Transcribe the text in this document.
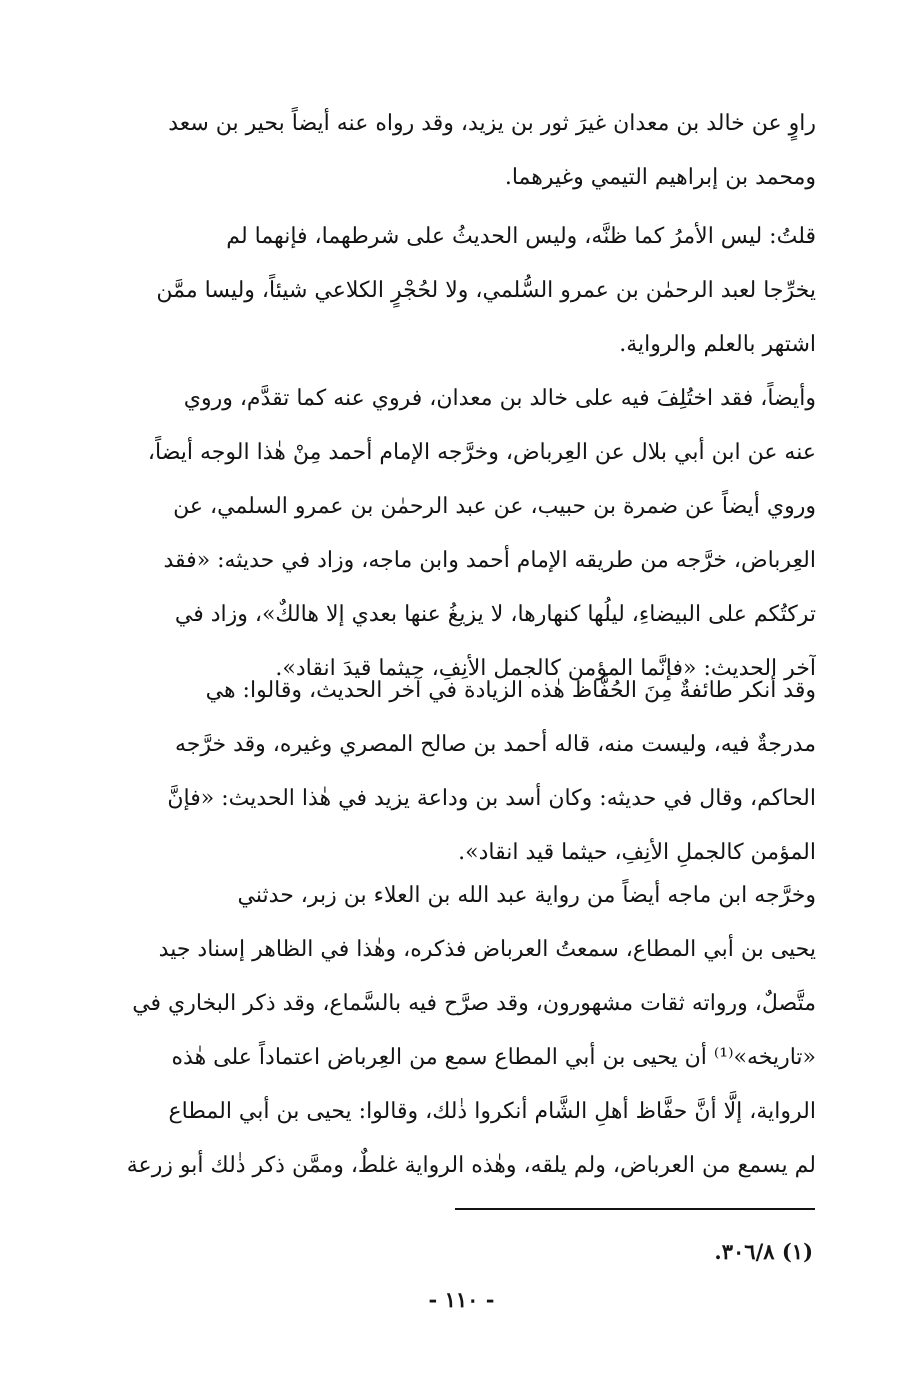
راوٍ عن خالد بن معدان غيرَ ثور بن يزيد، وقد رواه عنه أيضاً بحير بن سعد
ومحمد بن إبراهيم التيمي وغيرهما.
قلتُ: ليس الأمرُ كما ظنَّه، وليس الحديثُ على شرطهما، فإنهما لم
يخرِّجا لعبد الرحمٰن بن عمرو السُّلمي، ولا لحُجْرٍ الكلاعي شيئاً، وليسا ممَّن
اشتهر بالعلم والرواية.
وأيضاً، فقد اختُلِفَ فيه على خالد بن معدان، فروي عنه كما تقدَّم، وروي
عنه عن ابن أبي بلال عن العِرباض، وخرَّجه الإمام أحمد مِنْ هٰذا الوجه أيضاً،
وروي أيضاً عن ضمرة بن حبيب، عن عبد الرحمٰن بن عمرو السلمي، عن
العِرباض، خرَّجه من طريقه الإمام أحمد وابن ماجه، وزاد في حديثه: «فقد
تركتُكم على البيضاءِ، ليلُها كنهارها، لا يزيغُ عنها بعدي إلا هالكٌ»، وزاد في
آخر الحديث: «فإنَّما المؤمن كالجمل الأنِفِ، حيثما قيدَ انقاد».
وقد أنكر طائفةٌ مِنَ الحُفَّاظ هٰذه الزيادة في آخر الحديث، وقالوا: هي
مدرجةٌ فيه، وليست منه، قاله أحمد بن صالح المصري وغيره، وقد خرَّجه
الحاكم، وقال في حديثه: وكان أسد بن وداعة يزيد في هٰذا الحديث: «فإنَّ
المؤمن كالجملِ الأنِفِ، حيثما قيد انقاد».
وخرَّجه ابن ماجه أيضاً من رواية عبد الله بن العلاء بن زبر، حدثني
يحيى بن أبي المطاع، سمعتُ العرباض فذكره، وهٰذا في الظاهر إسناد جيد
متَّصلٌ، ورواته ثقات مشهورون، وقد صرَّح فيه بالسَّماع، وقد ذكر البخاري في
«تاريخه»⁽¹⁾ أن يحيى بن أبي المطاع سمع من العِرباض اعتماداً على هٰذه
الرواية، إلَّا أنَّ حفَّاظ أهلِ الشَّام أنكروا ذٰلك، وقالوا: يحيى بن أبي المطاع
لم يسمع من العرباض، ولم يلقه، وهٰذه الرواية غلطٌ، وممَّن ذكر ذٰلك أبو زرعة
(١) ٣٠٦/٨.
- ١١٠ -
